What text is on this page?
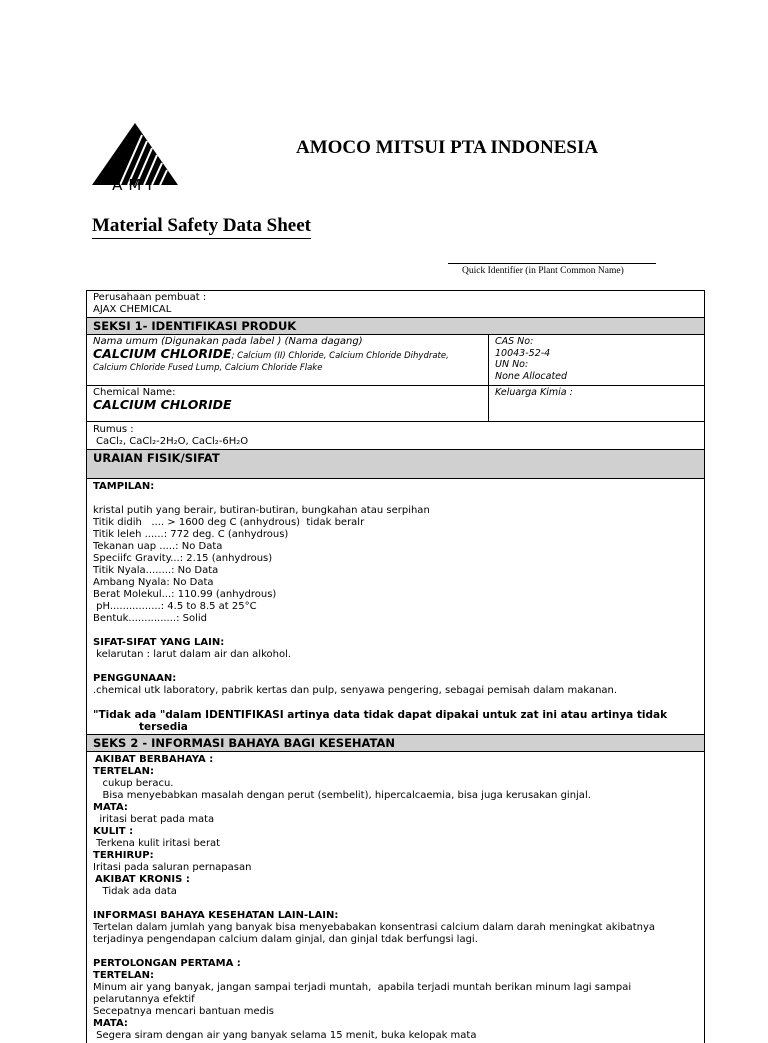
AMI
AMOCO MITSUI PTA INDONESIA
Material Safety Data Sheet
Quick Identifier (in Plant Common Name)
Perusahaan pembuat :
AJAX CHEMICAL
SEKSI 1- IDENTIFIKASI PRODUK
Nama umum (Digunakan pada label ) (Nama dagang)
CALCIUM CHLORIDE; Calcium (II) Chloride, Calcium Chloride Dihydrate,
Calcium Chloride Fused Lump, Calcium Chloride Flake
CAS No:
10043-52-4
UN No:
None Allocated
Chemical Name:
CALCIUM CHLORIDE
Keluarga Kimia :
Rumus :
CaCl₂, CaCl₂-2H₂O, CaCl₂-6H₂O
URAIAN FISIK/SIFAT
TAMPILAN:
kristal putih yang berair, butiran-butiran, bungkahan atau serpihan
Titik didih   .... > 1600 deg C (anhydrous)  tidak beralr
Titik leleh ......: 772 deg. C (anhydrous)
Tekanan uap .....: No Data
Speciifc Gravity...: 2.15 (anhydrous)
Titik Nyala........: No Data
Ambang Nyala: No Data
Berat Molekul...: 110.99 (anhydrous)
pH................: 4.5 to 8.5 at 25°C
Bentuk...............: Solid
SIFAT-SIFAT YANG LAIN:
kelarutan : larut dalam air dan alkohol.
PENGGUNAAN:
.chemical utk laboratory, pabrik kertas dan pulp, senyawa pengering, sebagai pemisah dalam makanan.
"Tidak ada "dalam IDENTIFIKASI artinya data tidak dapat dipakai untuk zat ini atau artinya tidak
tersedia
SEKS 2 - INFORMASI BAHAYA BAGI KESEHATAN
AKIBAT BERBAHAYA :
TERTELAN:
cukup beracu.
Bisa menyebabkan masalah dengan perut (sembelit), hipercalcaemia, bisa juga kerusakan ginjal.
MATA:
iritasi berat pada mata
KULIT :
Terkena kulit iritasi berat
TERHIRUP:
Iritasi pada saluran pernapasan
AKIBAT KRONIS :
Tidak ada data
INFORMASI BAHAYA KESEHATAN LAIN-LAIN:
Tertelan dalam jumlah yang banyak bisa menyebabakan konsentrasi calcium dalam darah meningkat akibatnya
terjadinya pengendapan calcium dalam ginjal, dan ginjal tdak berfungsi lagi.
PERTOLONGAN PERTAMA :
TERTELAN:
Minum air yang banyak, jangan sampai terjadi muntah,  apabila terjadi muntah berikan minum lagi sampai
pelarutannya efektif
Secepatnya mencari bantuan medis
MATA:
Segera siram dengan air yang banyak selama 15 menit, buka kelopak mata
